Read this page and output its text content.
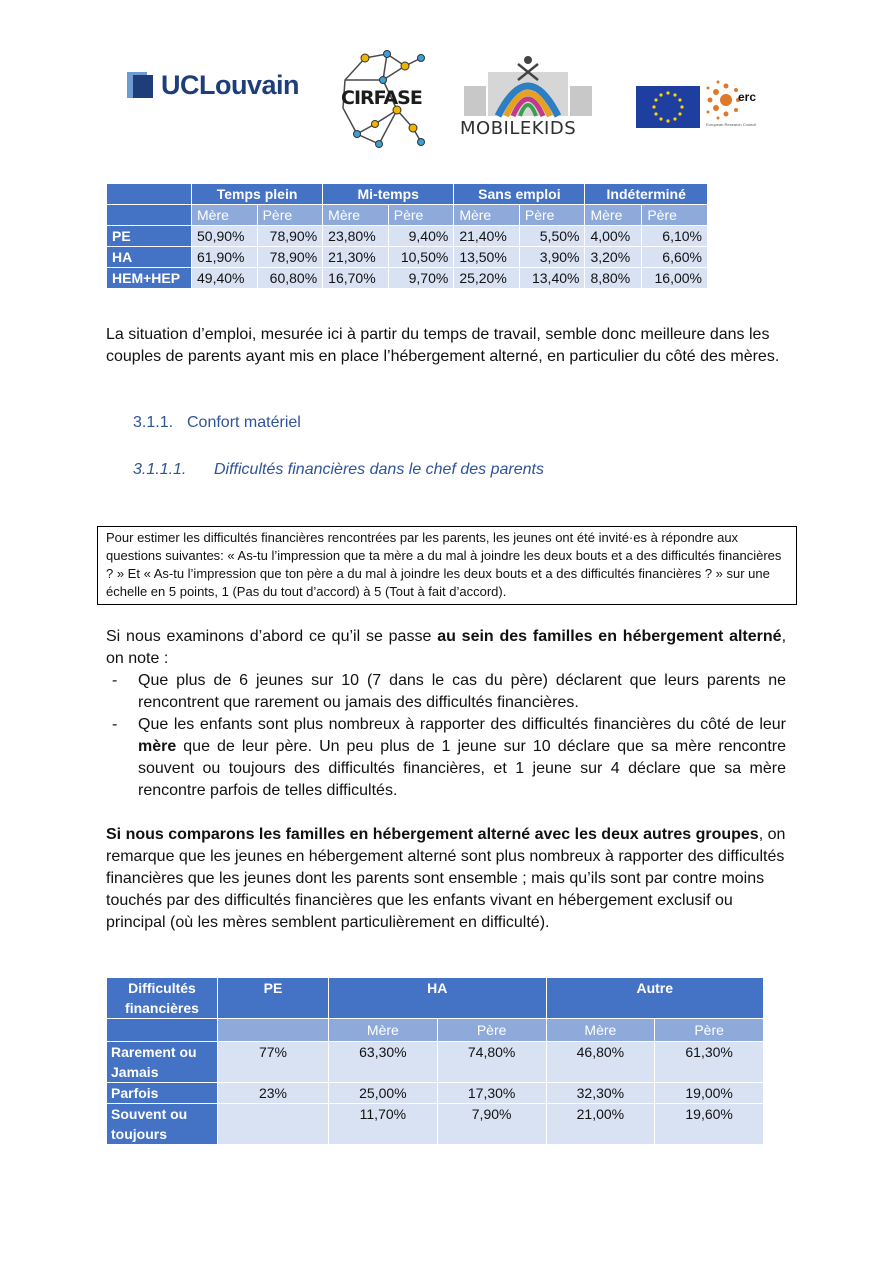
UCLouvain CIRFASE
MOBILEKIDS
erc
European Research Council
	Temps plein		Mi-temps		Sans emploi		Indéterminé	
	Mère	Père	Mère	Père	Mère	Père	Mère	Père
PE	50,90%	78,90%	23,80%	9,40%	21,40%	5,50%	4,00%	6,10%
HA	61,90%	78,90%	21,30%	10,50%	13,50%	3,90%	3,20%	6,60%
HEM+HEP	49,40%	60,80%	16,70%	9,70%	25,20%	13,40%	8,80%	16,00%

La situation d’emploi, mesurée ici à partir du temps de travail, semble donc meilleure dans les couples de parents ayant mis en place l’hébergement alterné, en particulier du côté des mères.

3.1.1. Confort matériel
3.1.1.1. Difficultés financières dans le chef des parents
Pour estimer les difficultés financières rencontrées par les parents, les jeunes ont été invité·es à répondre aux questions suivantes: « As-tu l’impression que ta mère a du mal à joindre les deux bouts et a des difficultés financières ? » Et « As-tu l’impression que ton père a du mal à joindre les deux bouts et a des difficultés financières ? » sur une échelle en 5 points, 1 (Pas du tout d’accord) à 5 (Tout à fait d’accord).

Si nous examinons d’abord ce qu’il se passe au sein des familles en hébergement alterné, on note :

- Que plus de 6 jeunes sur 10 (7 dans le cas du père) déclarent que leurs parents ne rencontrent que rarement ou jamais des difficultés financières.
- Que les enfants sont plus nombreux à rapporter des difficultés financières du côté de leur mère que de leur père. Un peu plus de 1 jeune sur 10 déclare que sa mère rencontre souvent ou toujours des difficultés financières, et 1 jeune sur 4 déclare que sa mère rencontre parfois de telles difficultés.

Si nous comparons les familles en hébergement alterné avec les deux autres groupes, on remarque que les jeunes en hébergement alterné sont plus nombreux à rapporter des difficultés financières que les jeunes dont les parents sont ensemble ; mais qu’ils sont par contre moins touchés par des difficultés financières que les enfants vivant en hébergement exclusif ou principal (où les mères semblent particulièrement en difficulté).

Difficultés financières	PE	HA		Autre	
		Mère	Père	Mère	Père
Rarement ou Jamais	77%	63,30%	74,80%	46,80%	61,30%
Parfois	23%	25,00%	17,30%	32,30%	19,00%
Souvent ou toujours		11,70%	7,90%	21,00%	19,60%
